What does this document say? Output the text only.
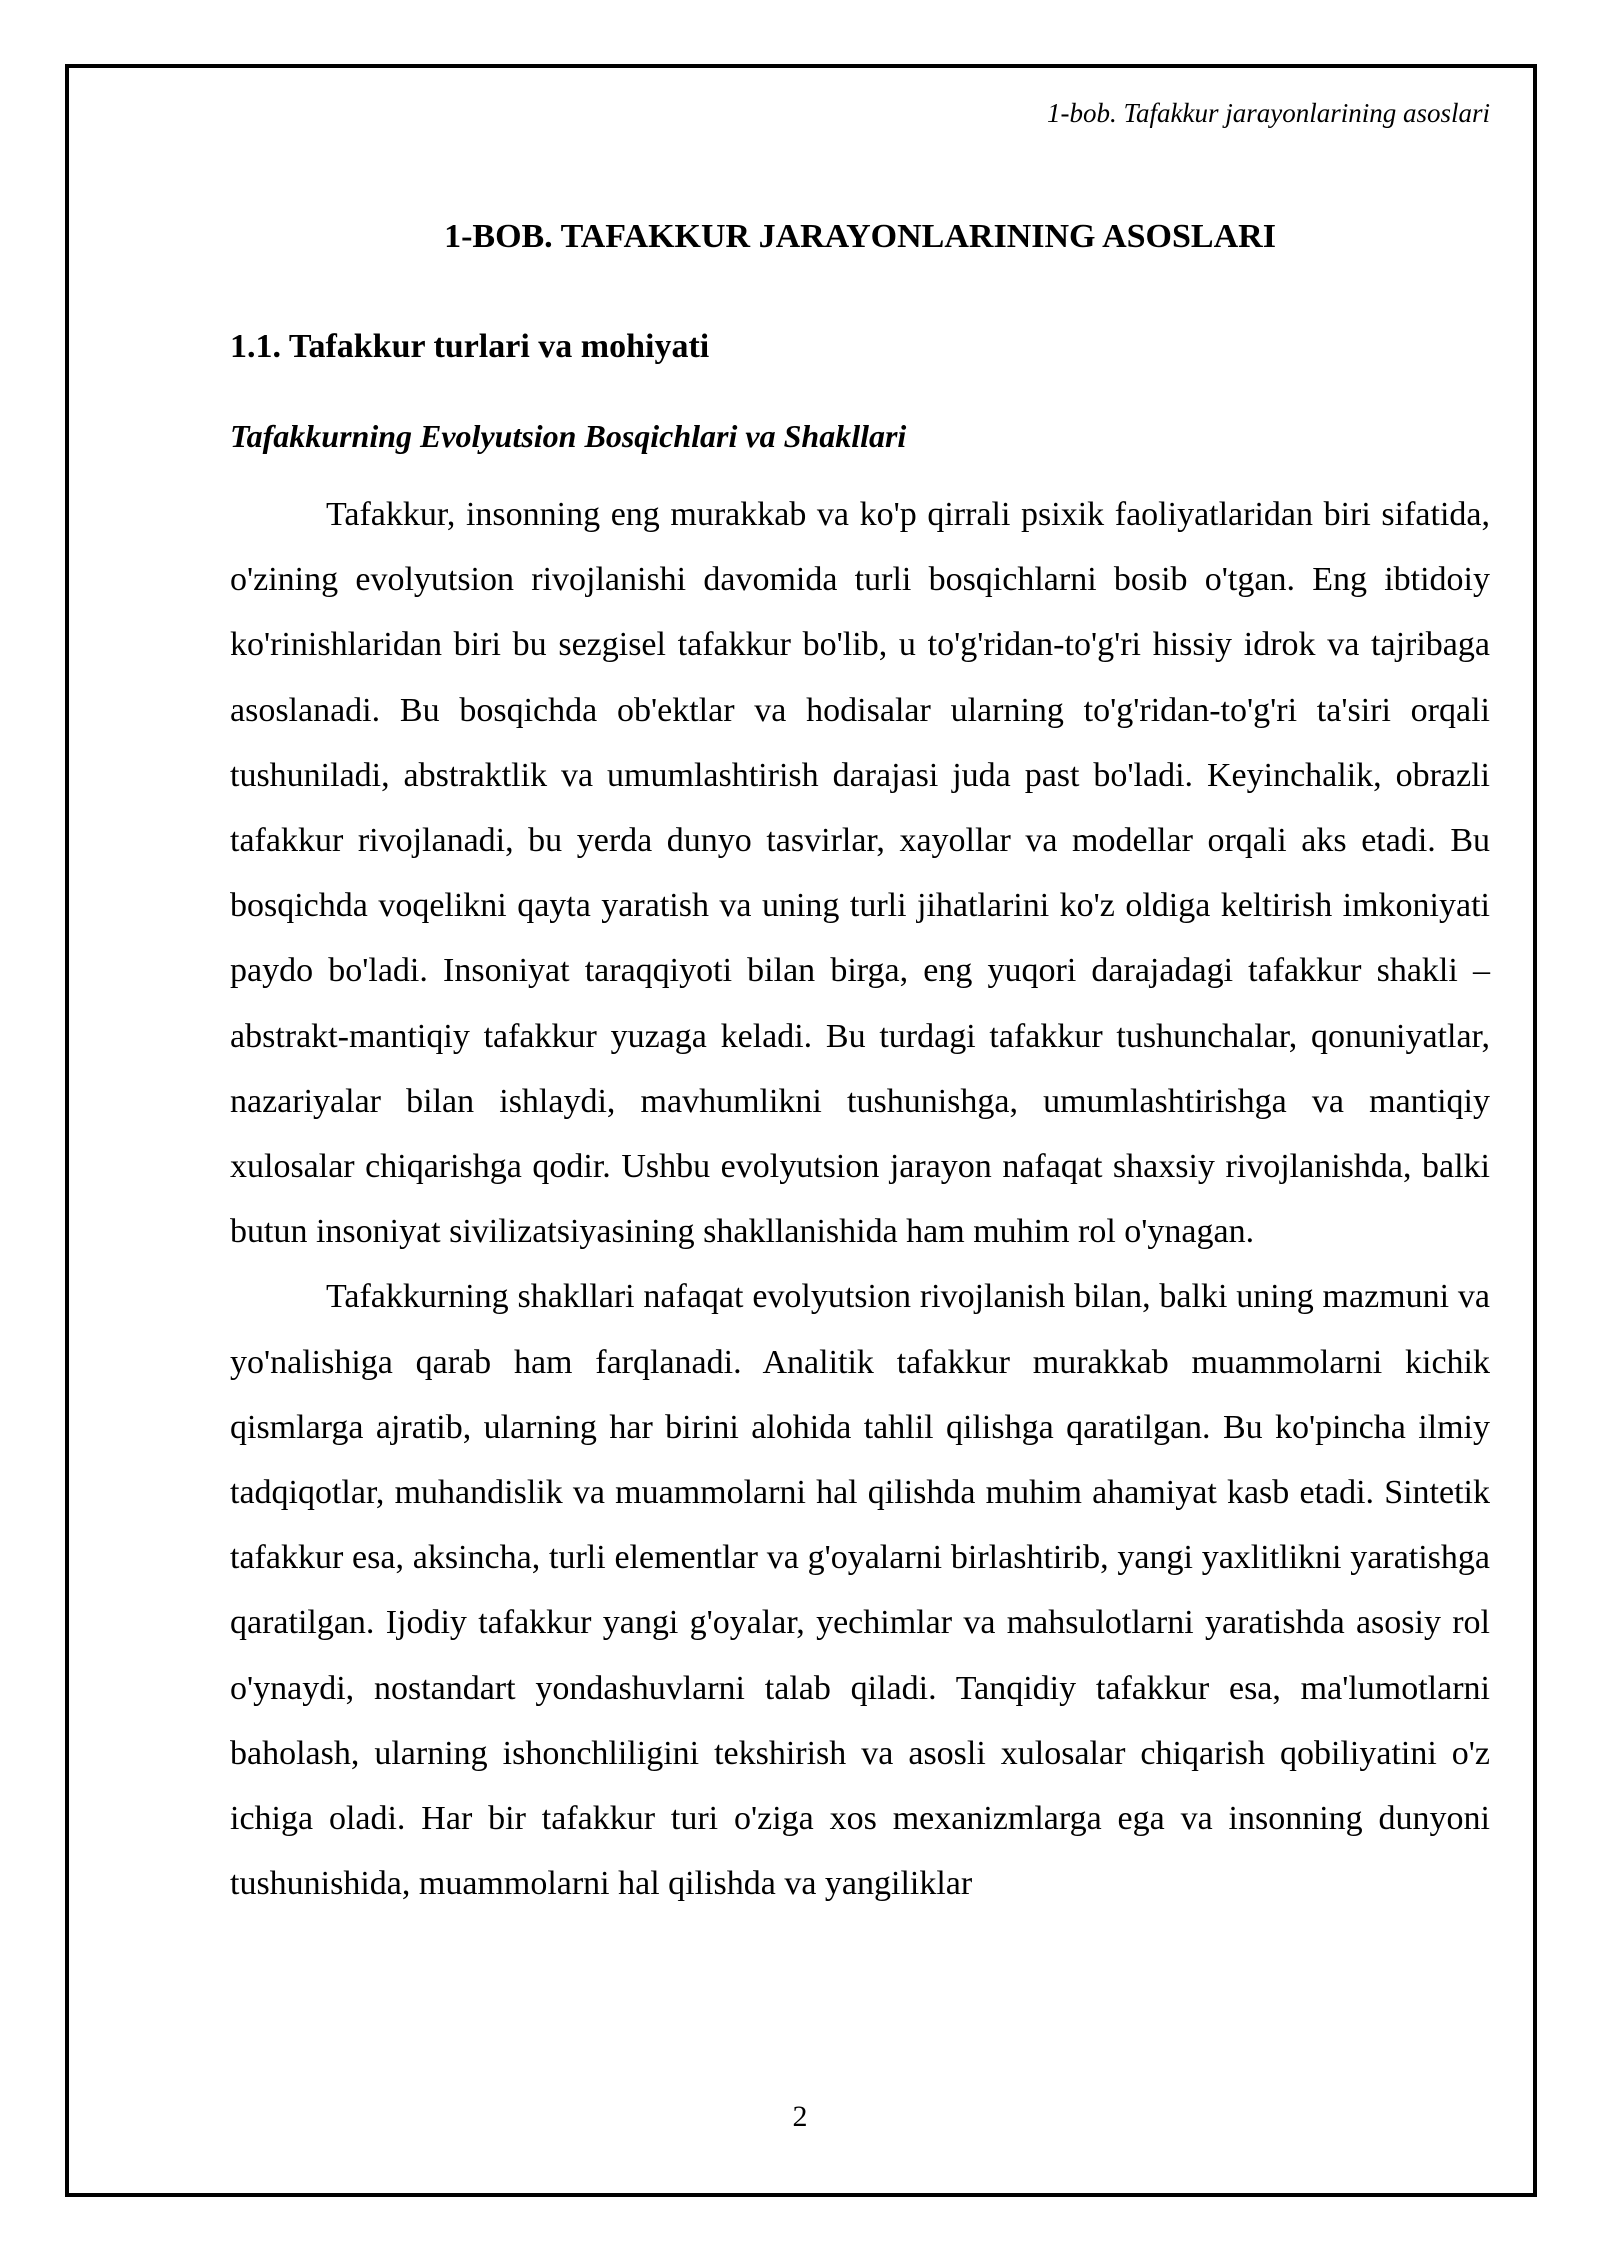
1-bob. Tafakkur jarayonlarining asoslari
1-BOB. TAFAKKUR JARAYONLARINING ASOSLARI
1.1. Tafakkur turlari va mohiyati
Tafakkurning Evolyutsion Bosqichlari va Shakllari

Tafakkur, insonning eng murakkab va ko'p qirrali psixik faoliyatlaridan biri sifatida, o'zining evolyutsion rivojlanishi davomida turli bosqichlarni bosib o'tgan. Eng ibtidoiy ko'rinishlaridan biri bu sezgisel tafakkur bo'lib, u to'g'ridan-to'g'ri hissiy idrok va tajribaga asoslanadi. Bu bosqichda ob'ektlar va hodisalar ularning to'g'ridan-to'g'ri ta'siri orqali tushuniladi, abstraktlik va umumlashtirish darajasi juda past bo'ladi. Keyinchalik, obrazli tafakkur rivojlanadi, bu yerda dunyo tasvirlar, xayollar va modellar orqali aks etadi. Bu bosqichda voqelikni qayta yaratish va uning turli jihatlarini ko'z oldiga keltirish imkoniyati paydo bo'ladi. Insoniyat taraqqiyoti bilan birga, eng yuqori darajadagi tafakkur shakli – abstrakt-mantiqiy tafakkur yuzaga keladi. Bu turdagi tafakkur tushunchalar, qonuniyatlar, nazariyalar bilan ishlaydi, mavhumlikni tushunishga, umumlashtirishga va mantiqiy xulosalar chiqarishga qodir. Ushbu evolyutsion jarayon nafaqat shaxsiy rivojlanishda, balki butun insoniyat sivilizatsiyasining shakllanishida ham muhim rol o'ynagan.

Tafakkurning shakllari nafaqat evolyutsion rivojlanish bilan, balki uning mazmuni va yo'nalishiga qarab ham farqlanadi. Analitik tafakkur murakkab muammolarni kichik qismlarga ajratib, ularning har birini alohida tahlil qilishga qaratilgan. Bu ko'pincha ilmiy tadqiqotlar, muhandislik va muammolarni hal qilishda muhim ahamiyat kasb etadi. Sintetik tafakkur esa, aksincha, turli elementlar va g'oyalarni birlashtirib, yangi yaxlitlikni yaratishga qaratilgan. Ijodiy tafakkur yangi g'oyalar, yechimlar va mahsulotlarni yaratishda asosiy rol o'ynaydi, nostandart yondashuvlarni talab qiladi. Tanqidiy tafakkur esa, ma'lumotlarni baholash, ularning ishonchliligini tekshirish va asosli xulosalar chiqarish qobiliyatini o'z ichiga oladi. Har bir tafakkur turi o'ziga xos mexanizmlarga ega va insonning dunyoni tushunishida, muammolarni hal qilishda va yangiliklar

2
